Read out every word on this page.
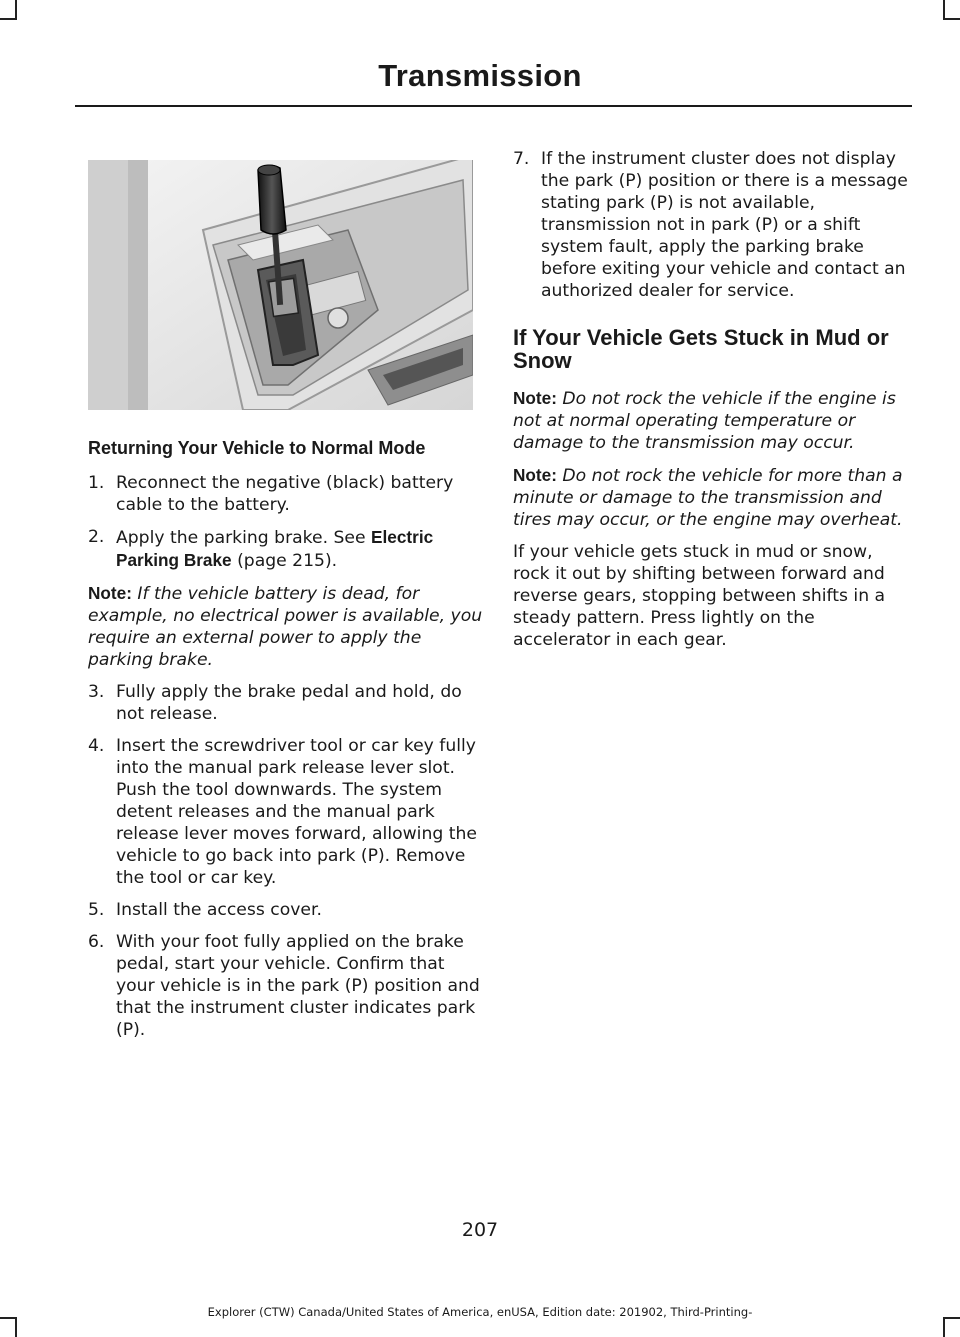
Transmission
Returning Your Vehicle to Normal Mode
1. Reconnect the negative (black) battery cable to the battery.
2. Apply the parking brake. See Electric Parking Brake (page 215).

Note: If the vehicle battery is dead, for example, no electrical power is available, you require an external power to apply the parking brake.

3. Fully apply the brake pedal and hold, do not release.
4. Insert the screwdriver tool or car key fully into the manual park release lever slot. Push the tool downwards. The system detent releases and the manual park release lever moves forward, allowing the vehicle to go back into park (P). Remove the tool or car key.
5. Install the access cover.
6. With your foot fully applied on the brake pedal, start your vehicle. Confirm that your vehicle is in the park (P) position and that the instrument cluster indicates park (P).
7. If the instrument cluster does not display the park (P) position or there is a message stating park (P) is not available, transmission not in park (P) or a shift system fault, apply the parking brake before exiting your vehicle and contact an authorized dealer for service.
If Your Vehicle Gets Stuck in Mud or Snow

Note: Do not rock the vehicle if the engine is not at normal operating temperature or damage to the transmission may occur.

Note: Do not rock the vehicle for more than a minute or damage to the transmission and tires may occur, or the engine may overheat.

If your vehicle gets stuck in mud or snow, rock it out by shifting between forward and reverse gears, stopping between shifts in a steady pattern. Press lightly on the accelerator in each gear.

207
Explorer (CTW) Canada/United States of America, enUSA, Edition date: 201902, Third-Printing-
